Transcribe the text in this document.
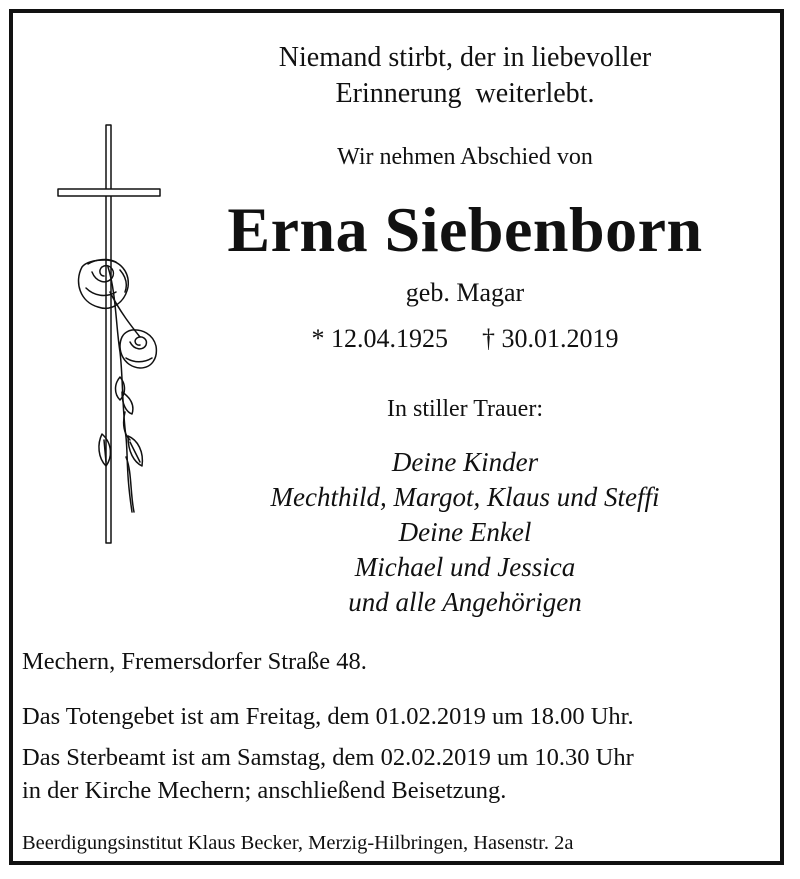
Niemand stirbt, der in liebevoller
Erinnerung  weiterlebt.
Wir nehmen Abschied von
Erna Siebenborn
geb. Magar
* 12.04.1925 † 30.01.2019
In stiller Trauer:
Deine Kinder
Mechthild, Margot, Klaus und Steffi
Deine Enkel
Michael und Jessica
und alle Angehörigen
Mechern, Fremersdorfer Straße 48.
Das Totengebet ist am Freitag, dem 01.02.2019 um 18.00 Uhr.
Das Sterbeamt ist am Samstag, dem 02.02.2019 um 10.30 Uhr
in der Kirche Mechern; anschließend Beisetzung.
Beerdigungsinstitut Klaus Becker, Merzig-Hilbringen, Hasenstr. 2a
